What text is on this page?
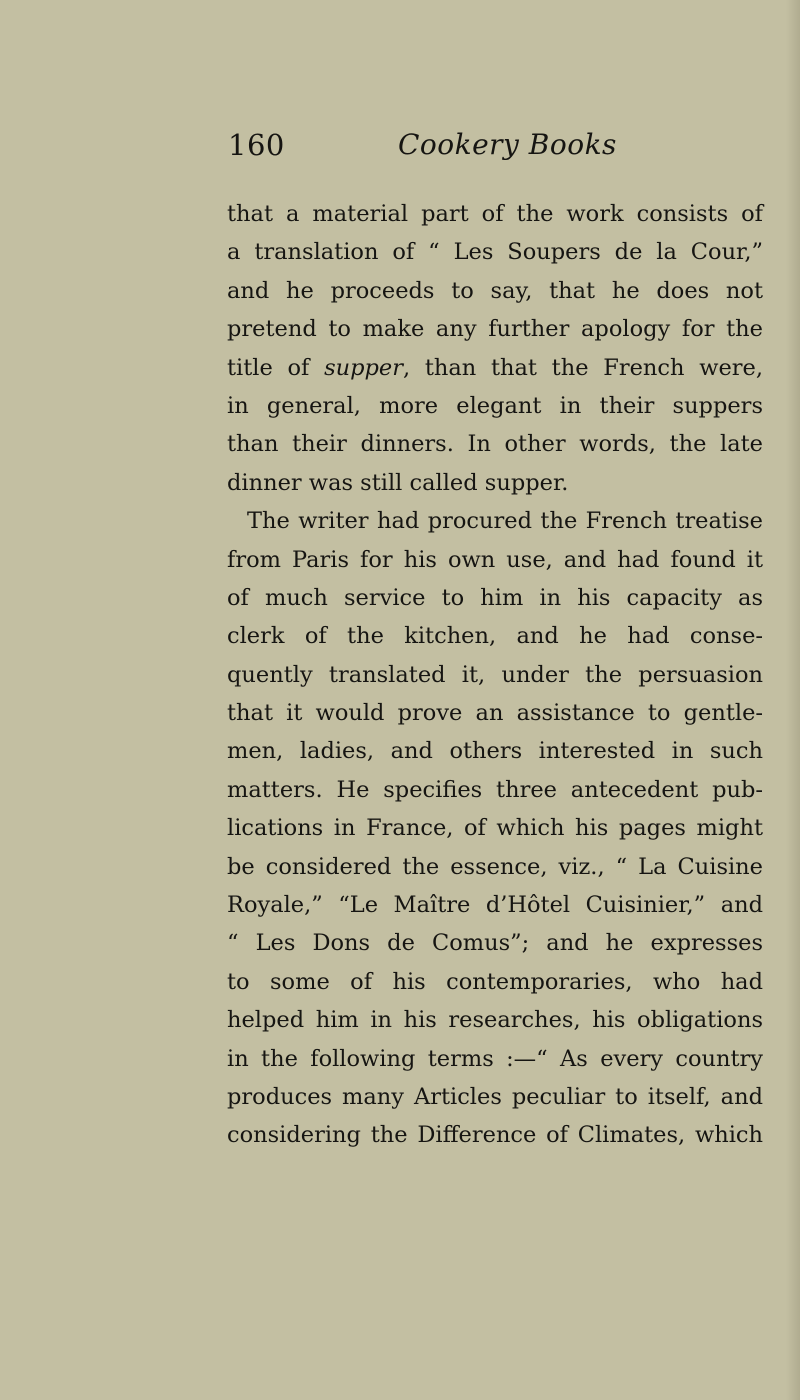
160	Cookery Books
that a material part of the work consists of
a translation of “ Les Soupers de la Cour,”
and he proceeds to say, that he does not
pretend to make any further apology for the
title of supper, than that the French were,
in general, more elegant in their suppers
than their dinners. In other words, the late
dinner was still called supper.
The writer had procured the French treatise
from Paris for his own use, and had found it
of much service to him in his capacity as
clerk of the kitchen, and he had conse-
quently translated it, under the persuasion
that it would prove an assistance to gentle-
men, ladies, and others interested in such
matters. He specifies three antecedent pub-
lications in France, of which his pages might
be considered the essence, viz., “ La Cuisine
Royale,” “Le Maître d’Hôtel Cuisinier,” and
“ Les Dons de Comus”; and he expresses
to some of his contemporaries, who had
helped him in his researches, his obligations
in the following terms :—“ As every country
produces many Articles peculiar to itself, and
considering the Difference of Climates, which
